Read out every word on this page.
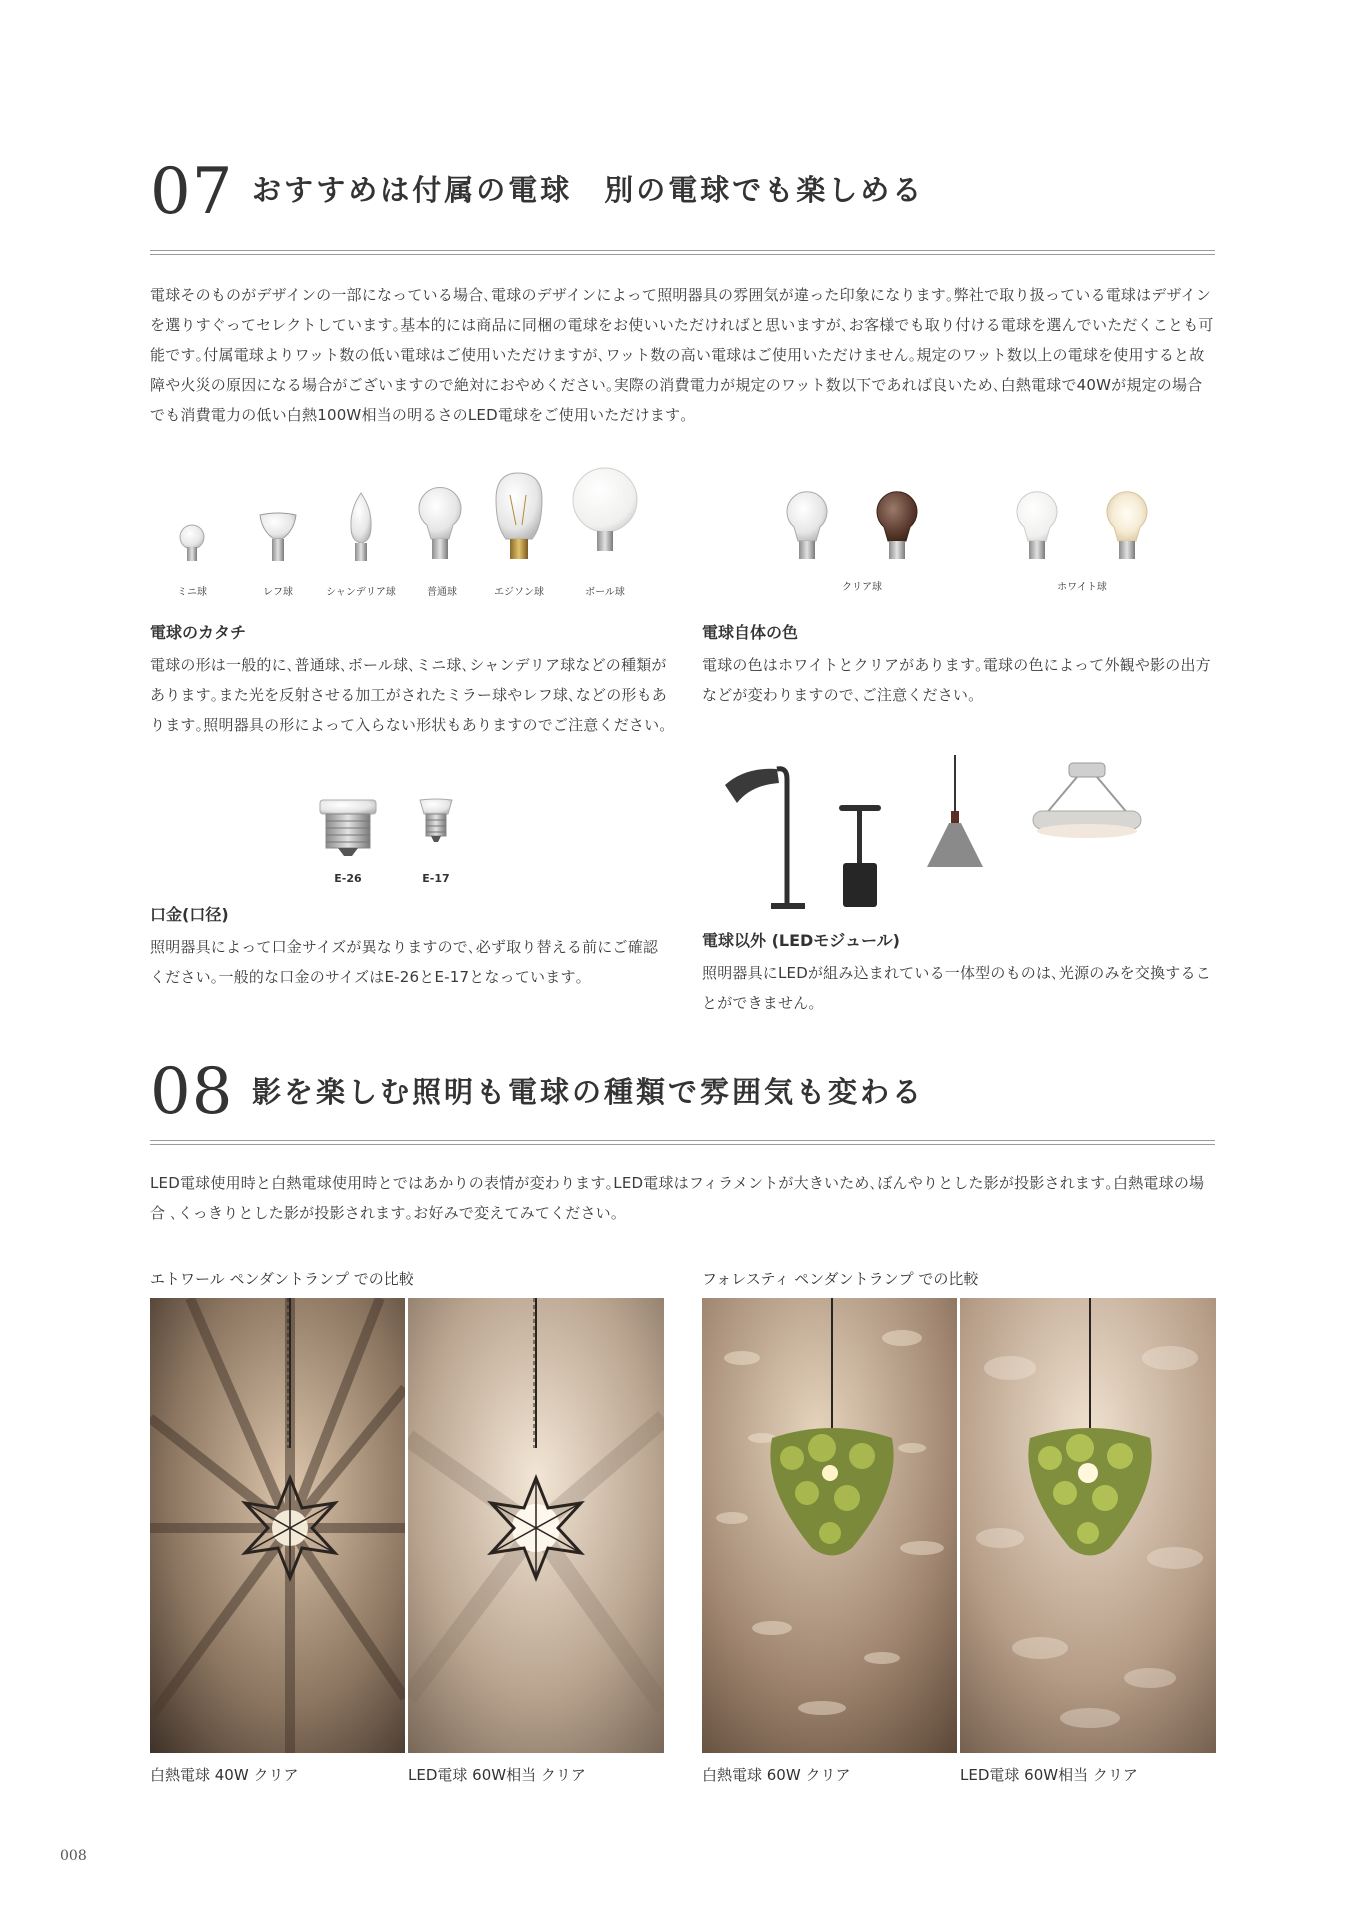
07 おすすめは付属の電球　別の電球でも楽しめる
電球そのものがデザインの一部になっている場合､電球のデザインによって照明器具の雰囲気が違った印象になります｡弊社で取り扱っている電球はデザインを選りすぐってセレクトしています｡基本的には商品に同梱の電球をお使いいただければと思いますが､お客様でも取り付ける電球を選んでいただくことも可能です｡付属電球よりワット数の低い電球はご使用いただけますが､ワット数の高い電球はご使用いただけません｡規定のワット数以上の電球を使用すると故障や火災の原因になる場合がございますので絶対におやめください｡実際の消費電力が規定のワット数以下であれば良いため､白熱電球で40Wが規定の場合でも消費電力の低い白熱100W相当の明るさのLED電球をご使用いただけます｡
ミニ球	レフ球	シャンデリア球	普通球	エジソン球	ボール球
電球のカタチ
電球の形は一般的に､普通球､ボール球､ミニ球､シャンデリア球などの種類があります｡また光を反射させる加工がされたミラー球やレフ球､などの形もあります｡照明器具の形によって入らない形状もありますのでご注意ください｡
クリア球	ホワイト球
電球自体の色
電球の色はホワイトとクリアがあります｡電球の色によって外観や影の出方などが変わりますので､ご注意ください｡
E-26	E-17
口金(口径)
照明器具によって口金サイズが異なりますので､必ず取り替える前にご確認ください｡一般的な口金のサイズはE-26とE-17となっています｡
電球以外 (LEDモジュール)
照明器具にLEDが組み込まれている一体型のものは､光源のみを交換することができません｡
08 影を楽しむ照明も電球の種類で雰囲気も変わる
LED電球使用時と白熱電球使用時とではあかりの表情が変わります｡LED電球はフィラメントが大きいため､ぼんやりとした影が投影されます｡白熱電球の場合 ､くっきりとした影が投影されます｡お好みで変えてみてください｡
エトワール ペンダントランプ での比較	フォレスティ ペンダントランプ での比較
白熱電球 40W クリア	LED電球 60W相当 クリア	白熱電球 60W クリア	LED電球 60W相当 クリア
008
